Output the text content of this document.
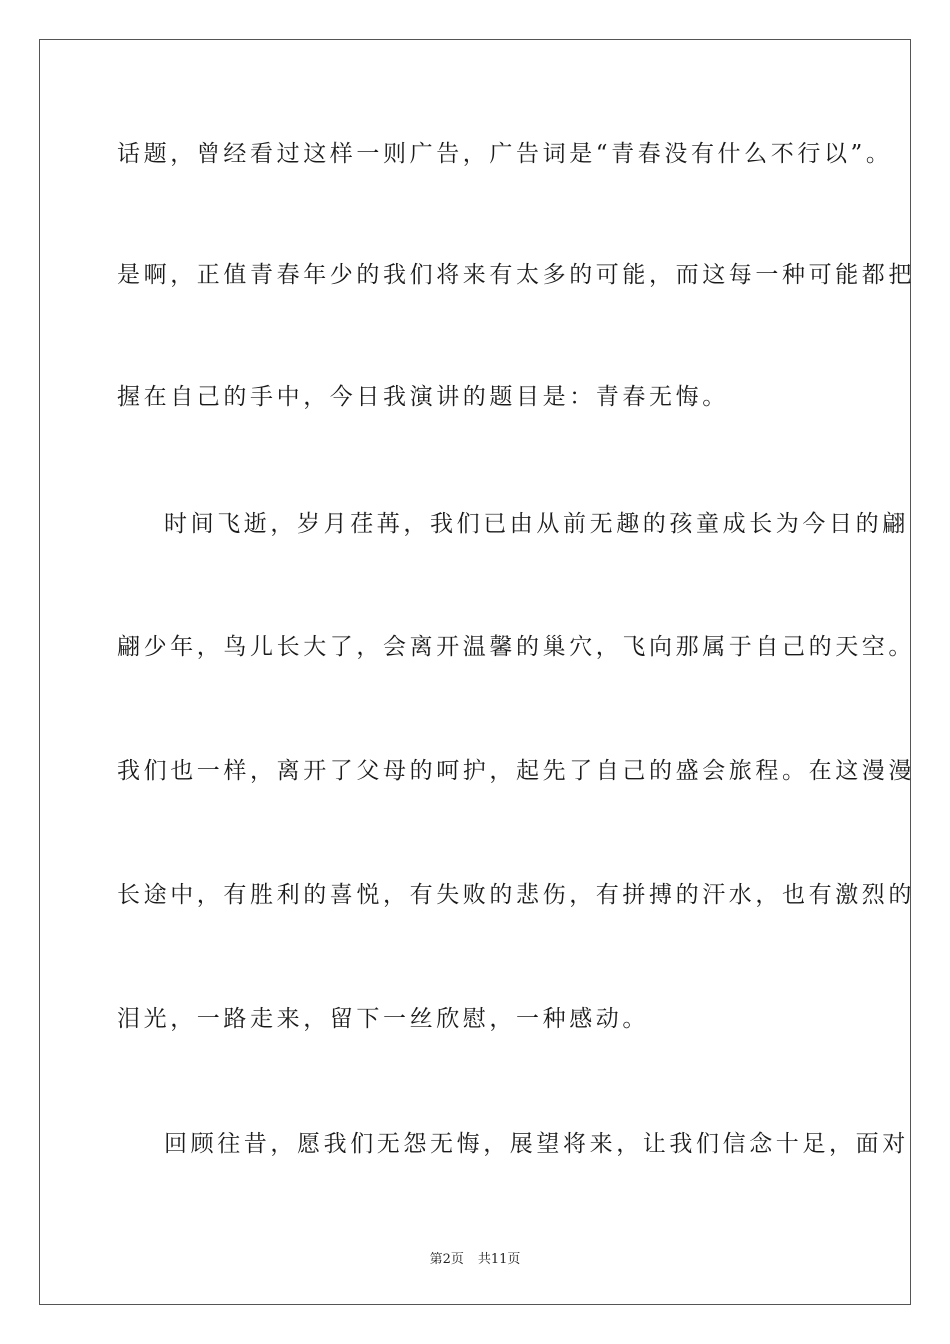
话题，曾经看过这样一则广告，广告词是“青春没有什么不行以”。
是啊，正值青春年少的我们将来有太多的可能，而这每一种可能都把
握在自己的手中，今日我演讲的题目是：青春无悔。
时间飞逝，岁月荏苒，我们已由从前无趣的孩童成长为今日的翩
翩少年，鸟儿长大了，会离开温馨的巢穴，飞向那属于自己的天空。
我们也一样，离开了父母的呵护，起先了自己的盛会旅程。在这漫漫
长途中，有胜利的喜悦，有失败的悲伤，有拼搏的汗水，也有激烈的
泪光，一路走来，留下一丝欣慰，一种感动。
回顾往昔，愿我们无怨无悔，展望将来，让我们信念十足，面对
第2页 共11页
